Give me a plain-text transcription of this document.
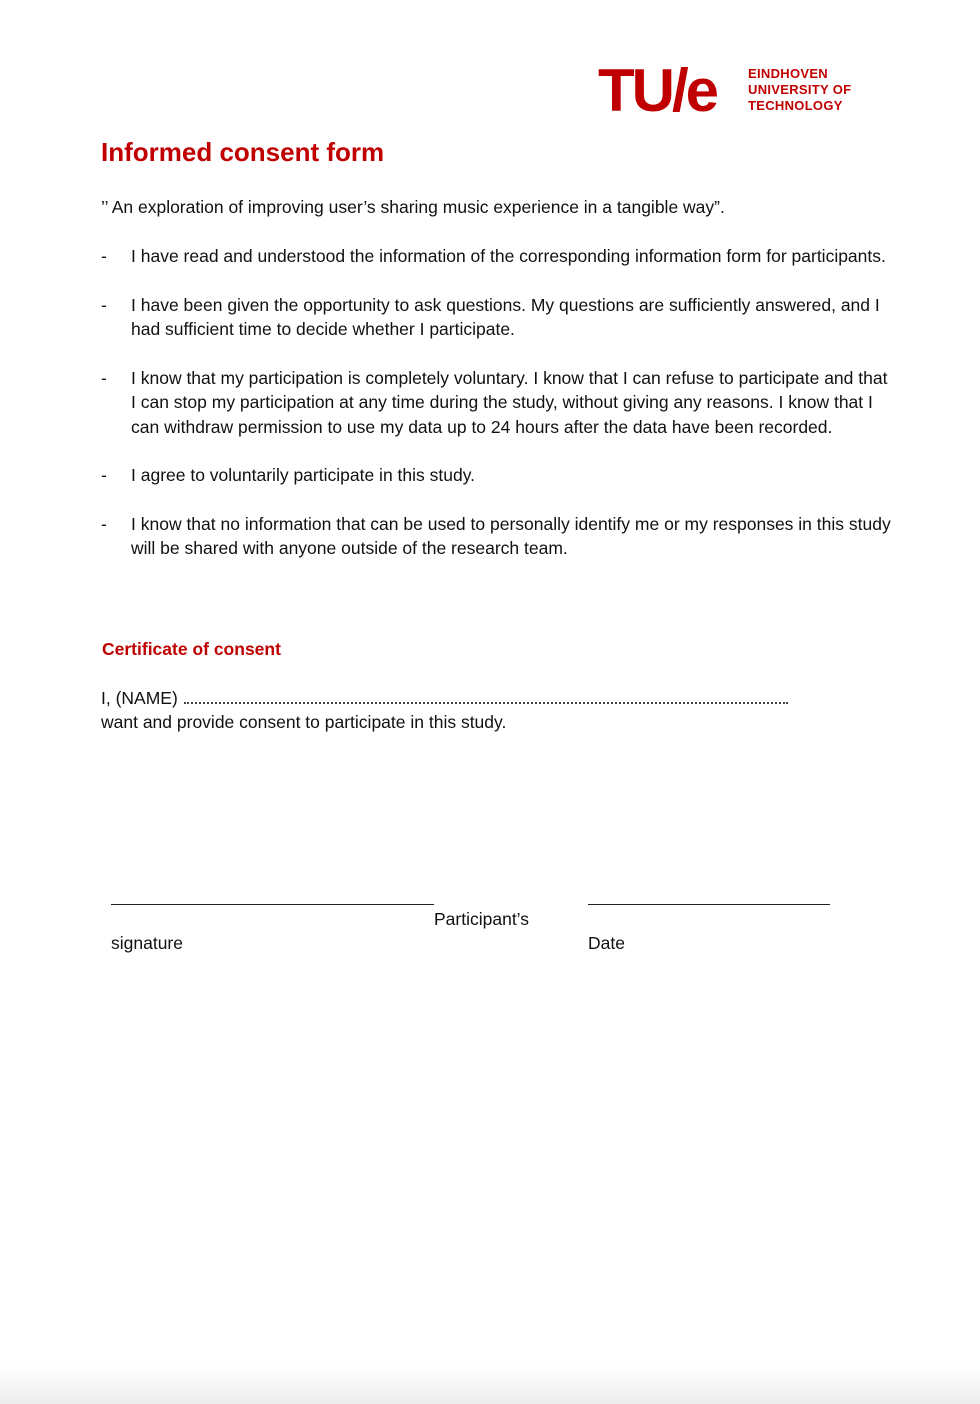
TU/e EINDHOVEN
UNIVERSITY OF
TECHNOLOGY
Informed consent form
’’ An exploration of improving user’s sharing music experience in a tangible way”.
- I have read and understood the information of the corresponding information form for participants.
- I have been given the opportunity to ask questions. My questions are sufficiently answered, and I had sufficient time to decide whether I participate.
- I know that my participation is completely voluntary. I know that I can refuse to participate and that I can stop my participation at any time during the study, without giving any reasons. I know that I can withdraw permission to use my data up to 24 hours after the data have been recorded.
- I agree to voluntarily participate in this study.
- I know that no information that can be used to personally identify me or my responses in this study will be shared with anyone outside of the research team.
Certificate of consent
I, (NAME)
want and provide consent to participate in this study.
Participant’s
signature	Date
